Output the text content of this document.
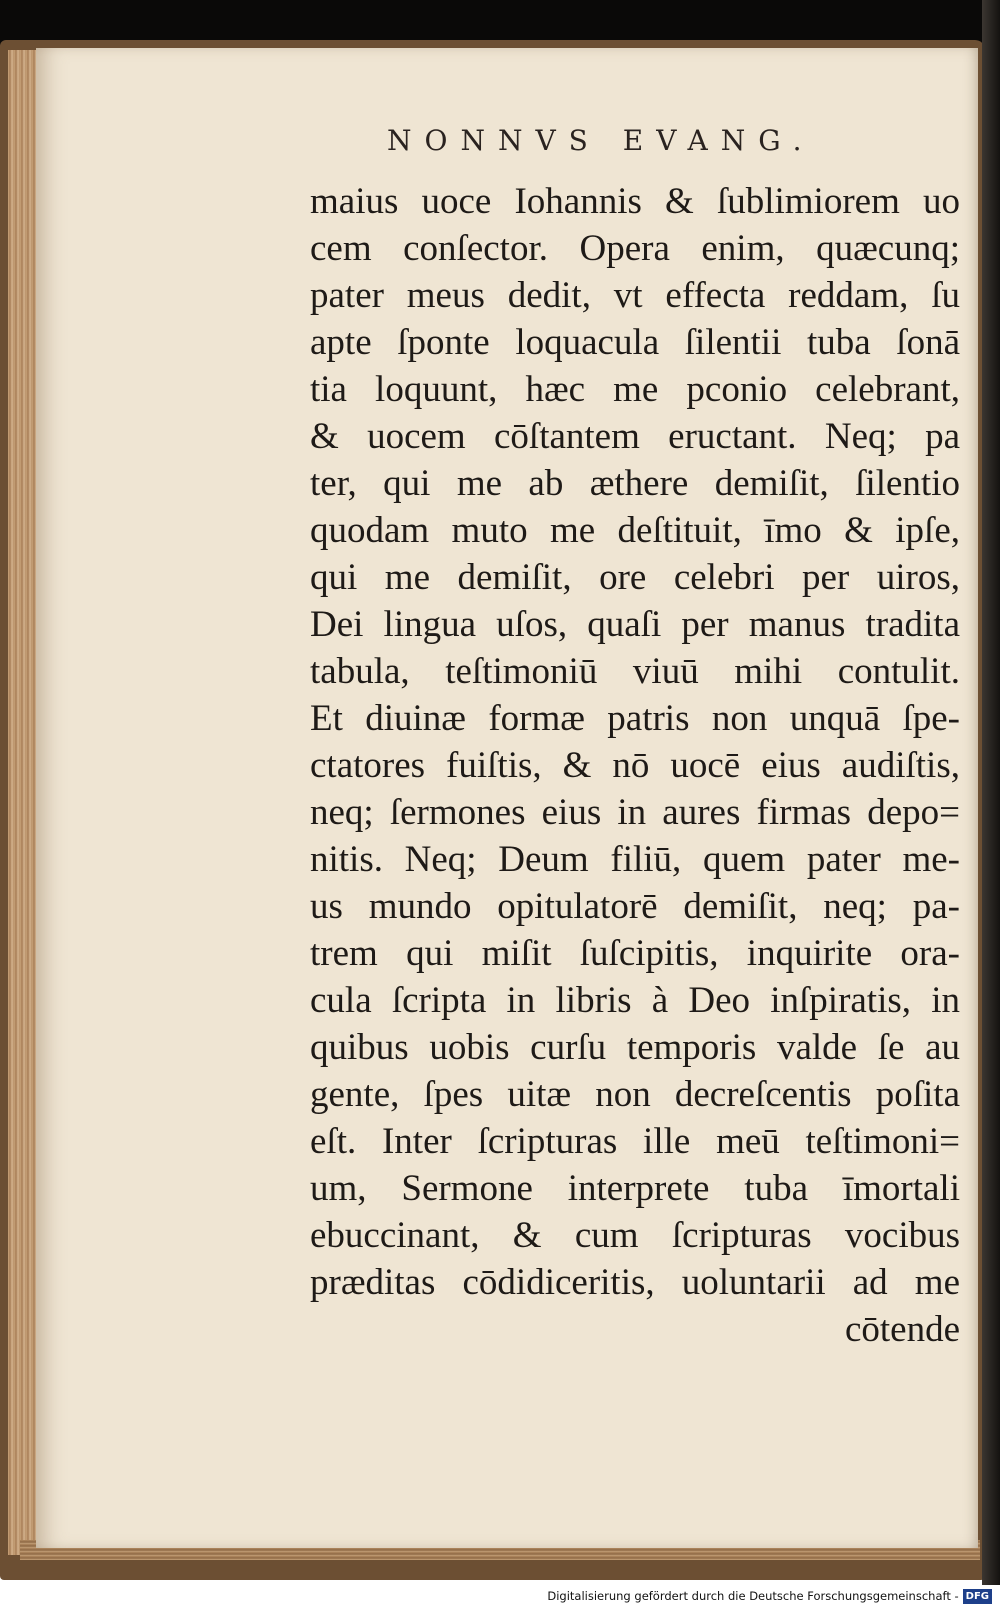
NONNVS EVANG.
maius uoce Iohannis & ſublimiorem uo
cem conſector. Opera enim, quæcunq;
pater meus dedit, vt effecta reddam, ſu
apte ſponte loquacula ſilentii tuba ſonā
tia loquunt, hæc me pconio celebrant,
& uocem cōſtantem eructant. Neq; pa
ter, qui me ab æthere demiſit, ſilentio
quodam muto me deſtituit, īmo & ipſe,
qui me demiſit, ore celebri per uiros,
Dei lingua uſos, quaſi per manus tradita
tabula, teſtimoniū viuū mihi contulit.
Et diuinæ formæ patris non unquā ſpe-
ctatores fuiſtis, & nō uocē eius audiſtis,
neq; ſermones eius in aures firmas depo=
nitis. Neq; Deum filiū, quem pater me-
us mundo opitulatorē demiſit, neq; pa-
trem qui miſit ſuſcipitis, inquirite ora-
cula ſcripta in libris à Deo inſpiratis, in
quibus uobis curſu temporis valde ſe au
gente, ſpes uitæ non decreſcentis poſita
eſt. Inter ſcripturas ille meū teſtimoni=
um, Sermone interprete tuba īmortali
ebuccinant, & cum ſcripturas vocibus
præditas cōdidiceritis, uoluntarii ad me
cōtende
Digitalisierung gefördert durch die Deutsche Forschungsgemeinschaft - DFG
